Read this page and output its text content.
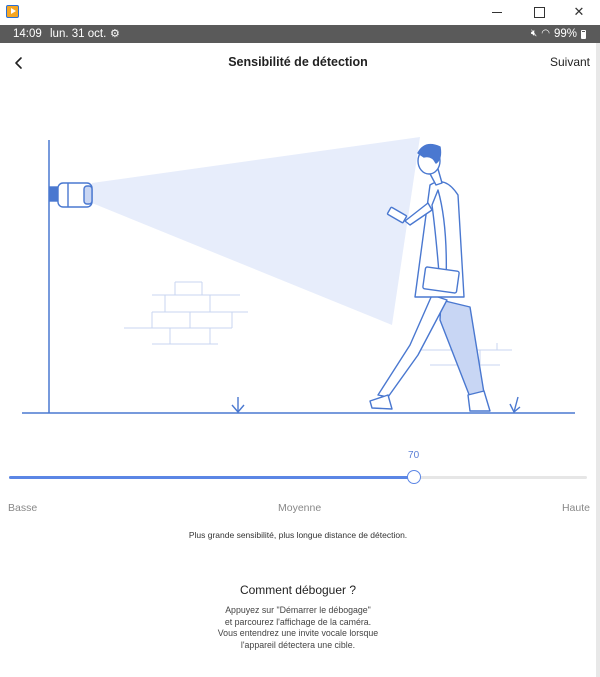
✕
14:09 lun. 31 oct. ⚙	🔇︎ ◠ 99%
Sensibilité de détection	Suivant
70
Basse	Moyenne	Haute
Plus grande sensibilité, plus longue distance de détection.
Comment déboguer ?
Appuyez sur "Démarrer le débogage"
et parcourez l'affichage de la caméra.
Vous entendrez une invite vocale lorsque
l'appareil détectera une cible.
